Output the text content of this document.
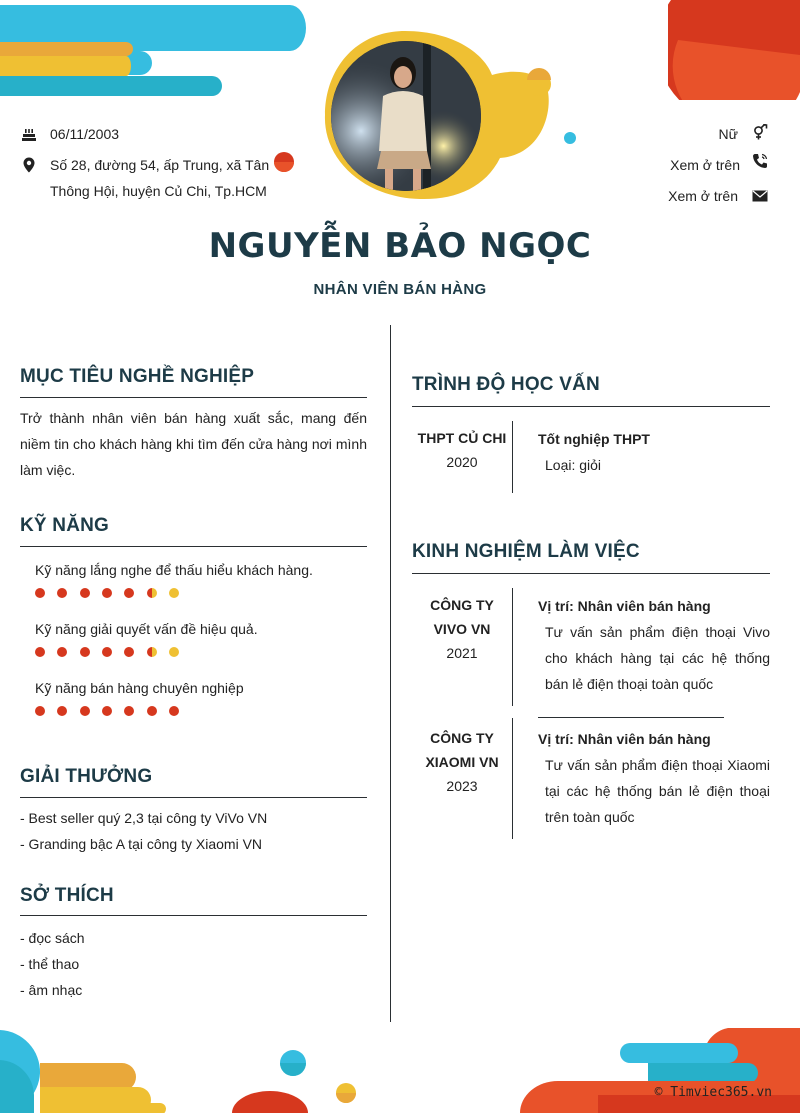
06/11/2003
Số 28, đường 54, ấp Trung, xã Tân
Thông Hội, huyện Củ Chi, Tp.HCM
Nữ
Xem ở trên
Xem ở trên
NGUYỄN BẢO NGỌC
NHÂN VIÊN BÁN HÀNG
MỤC TIÊU NGHỀ NGHIỆP
Trở thành nhân viên bán hàng xuất sắc, mang đến niềm tin cho khách hàng khi tìm đến cửa hàng nơi mình làm việc.
KỸ NĂNG
Kỹ năng lắng nghe để thấu hiểu khách hàng.
Kỹ năng giải quyết vấn đề hiệu quả.
Kỹ năng bán hàng chuyên nghiệp
GIẢI THƯỞNG
- Best seller quý 2,3 tại công ty ViVo VN
- Granding bậc A tại công ty Xiaomi VN
SỞ THÍCH
- đọc sách
- thể thao
- âm nhạc
TRÌNH ĐỘ HỌC VẤN
THPT CỦ CHI
2020
Tốt nghiệp THPT
Loại: giỏi
KINH NGHIỆM LÀM VIỆC
CÔNG TY
VIVO VN
2021
Vị trí: Nhân viên bán hàng
Tư vấn sản phẩm điện thoại Vivo cho khách hàng tại các hệ thống bán lẻ điện thoại toàn quốc
CÔNG TY
XIAOMI VN
2023
Vị trí: Nhân viên bán hàng
Tư vấn sản phẩm điện thoại Xiaomi tại các hệ thống bán lẻ điện thoại trên toàn quốc
© Timviec365.vn
